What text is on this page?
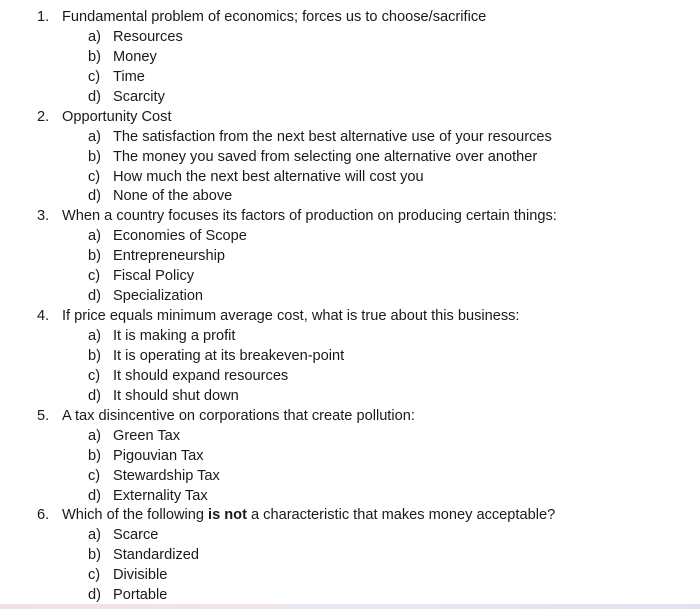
1. Fundamental problem of economics; forces us to choose/sacrifice
a) Resources
b) Money
c) Time
d) Scarcity
2. Opportunity Cost
a) The satisfaction from the next best alternative use of your resources
b) The money you saved from selecting one alternative over another
c) How much the next best alternative will cost you
d) None of the above
3. When a country focuses its factors of production on producing certain things:
a) Economies of Scope
b) Entrepreneurship
c) Fiscal Policy
d) Specialization
4. If price equals minimum average cost, what is true about this business:
a) It is making a profit
b) It is operating at its breakeven-point
c) It should expand resources
d) It should shut down
5. A tax disincentive on corporations that create pollution:
a) Green Tax
b) Pigouvian Tax
c) Stewardship Tax
d) Externality Tax
6. Which of the following is not a characteristic that makes money acceptable?
a) Scarce
b) Standardized
c) Divisible
d) Portable
